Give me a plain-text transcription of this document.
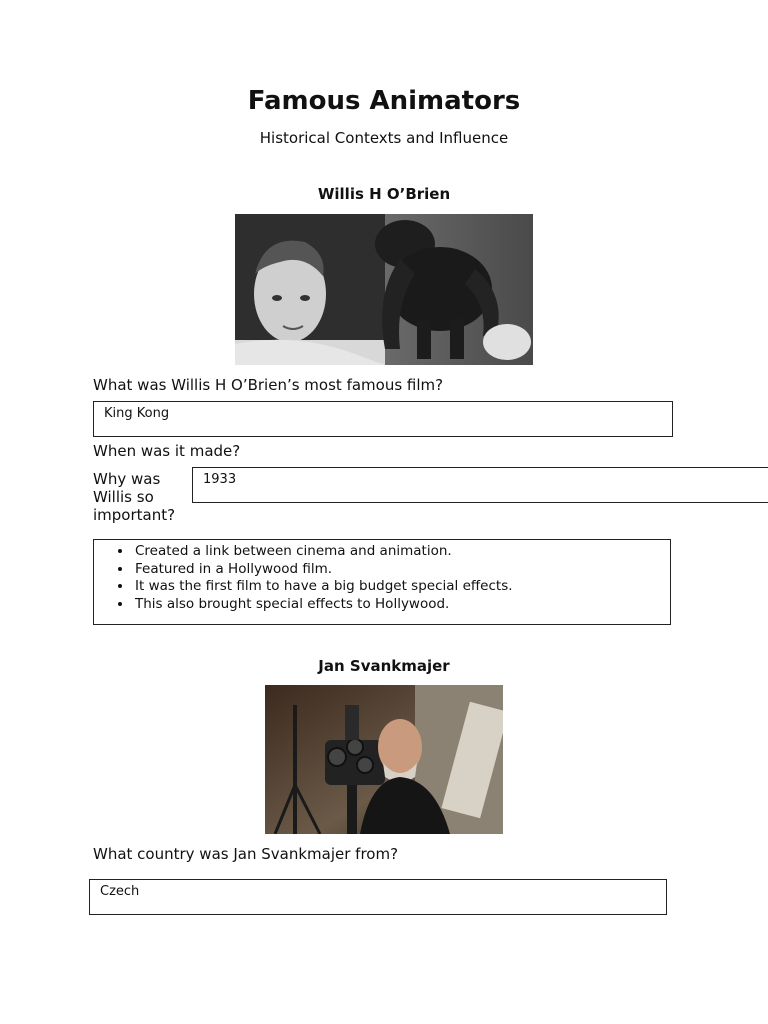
Famous Animators
Historical Contexts and Influence
Willis H O’Brien
What was Willis H O’Brien’s most famous film?
King Kong
When was it made?
Why was
Willis so
important?
1933
• Created a link between cinema and animation.
• Featured in a Hollywood film.
• It was the first film to have a big budget special effects.
• This also brought special effects to Hollywood.
Jan Svankmajer
What country was Jan Svankmajer from?
Czech
